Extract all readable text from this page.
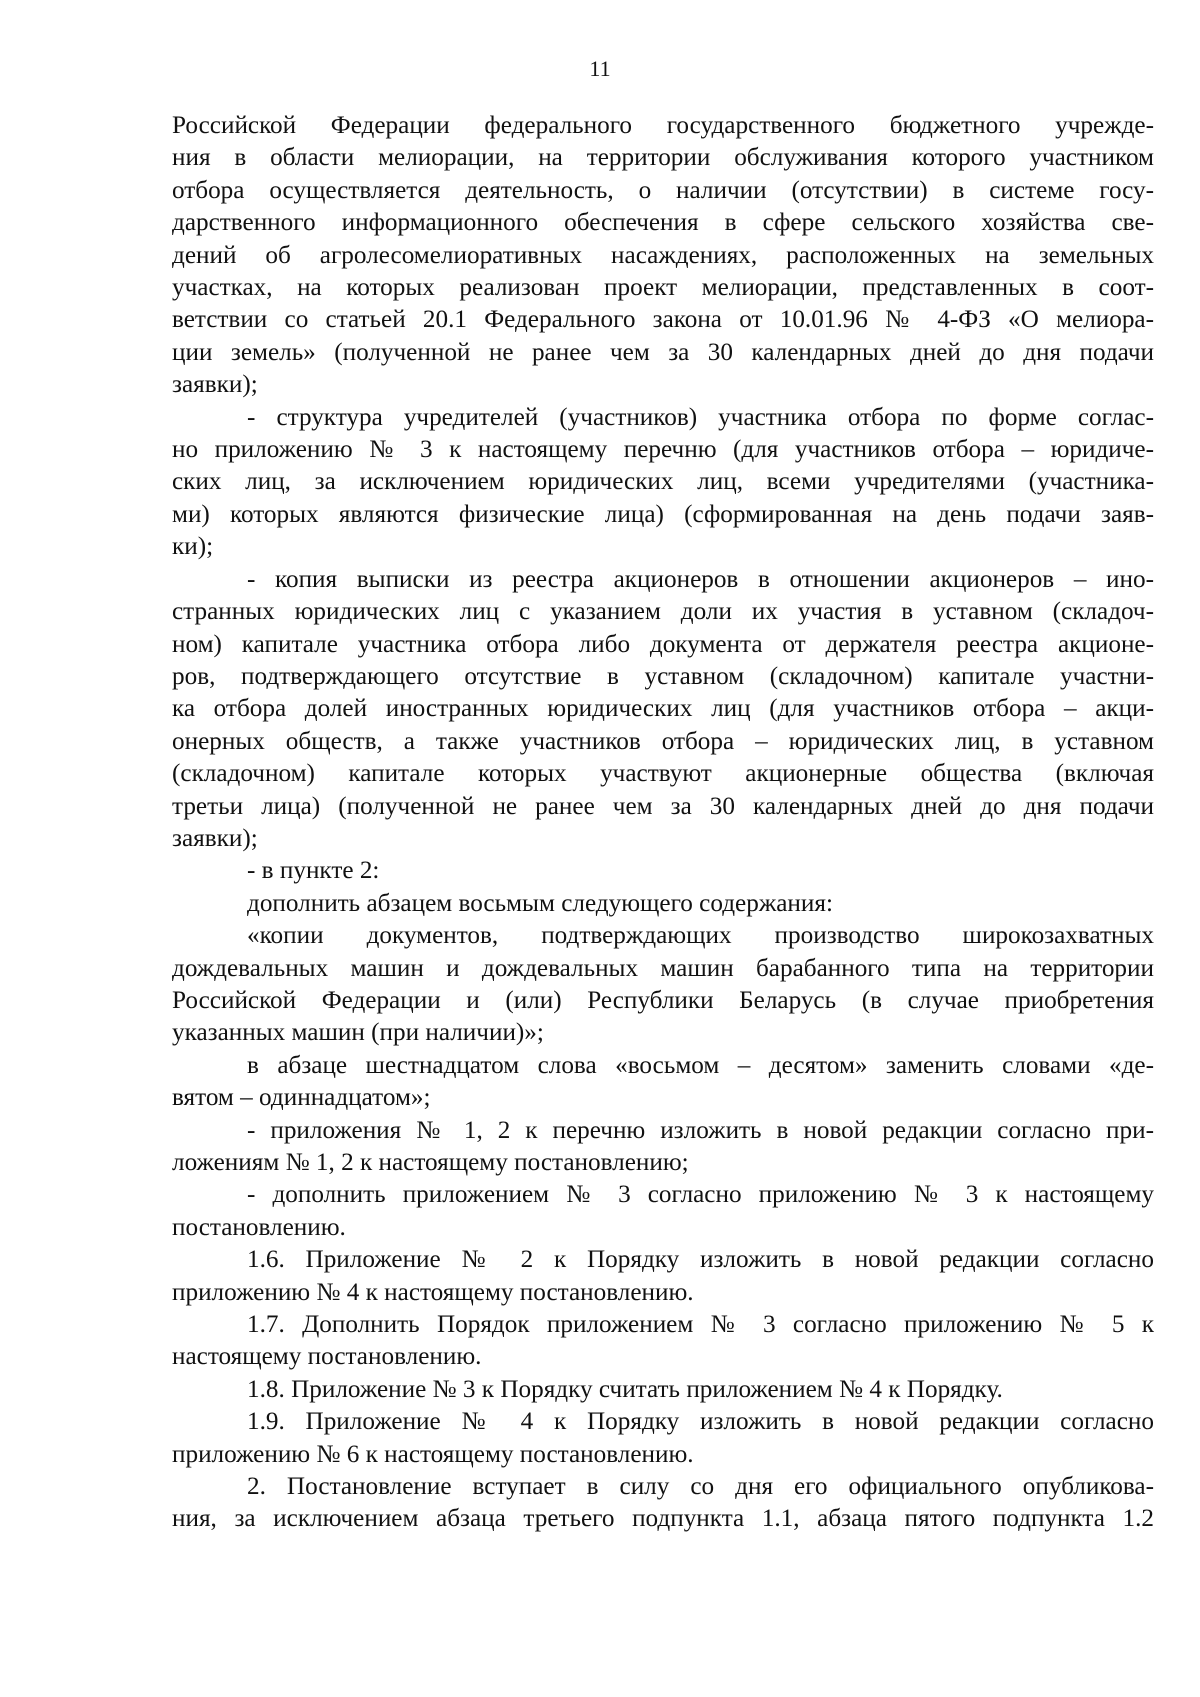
11

Российской Федерации федерального государственного бюджетного учрежде-

ния в области мелиорации, на территории обслуживания которого участником

отбора осуществляется деятельность, о наличии (отсутствии) в системе госу-

дарственного информационного обеспечения в сфере сельского хозяйства све-

дений об агролесомелиоративных насаждениях, расположенных на земельных

участках, на которых реализован проект мелиорации, представленных в соот-

ветствии со статьей 20.1 Федерального закона от 10.01.96 № 4-ФЗ «О мелиора-

ции земель» (полученной не ранее чем за 30 календарных дней до дня подачи

заявки);

- структура учредителей (участников) участника отбора по форме соглас-

но приложению № 3 к настоящему перечню (для участников отбора – юридиче-

ских лиц, за исключением юридических лиц, всеми учредителями (участника-

ми) которых являются физические лица) (сформированная на день подачи заяв-

ки);

- копия выписки из реестра акционеров в отношении акционеров – ино-

странных юридических лиц с указанием доли их участия в уставном (складоч-

ном) капитале участника отбора либо документа от держателя реестра акционе-

ров, подтверждающего отсутствие в уставном (складочном) капитале участни-

ка отбора долей иностранных юридических лиц (для участников отбора – акци-

онерных обществ, а также участников отбора – юридических лиц, в уставном

(складочном) капитале которых участвуют акционерные общества (включая

третьи лица) (полученной не ранее чем за 30 календарных дней до дня подачи

заявки);

- в пункте 2:

дополнить абзацем восьмым следующего содержания:

«копии документов, подтверждающих производство широкозахватных

дождевальных машин и дождевальных машин барабанного типа на территории

Российской Федерации и (или) Республики Беларусь (в случае приобретения

указанных машин (при наличии)»;

в абзаце шестнадцатом слова «восьмом – десятом» заменить словами «де-

вятом – одиннадцатом»;

- приложения № 1, 2 к перечню изложить в новой редакции согласно при-

ложениям № 1, 2 к настоящему постановлению;

- дополнить приложением № 3 согласно приложению № 3 к настоящему

постановлению.

1.6. Приложение № 2 к Порядку изложить в новой редакции согласно

приложению № 4 к настоящему постановлению.

1.7. Дополнить Порядок приложением № 3 согласно приложению № 5 к

настоящему постановлению.

1.8. Приложение № 3 к Порядку считать приложением № 4 к Порядку.

1.9. Приложение № 4 к Порядку изложить в новой редакции согласно

приложению № 6 к настоящему постановлению.

2. Постановление вступает в силу со дня его официального опубликова-

ния, за исключением абзаца третьего подпункта 1.1, абзаца пятого подпункта 1.2
